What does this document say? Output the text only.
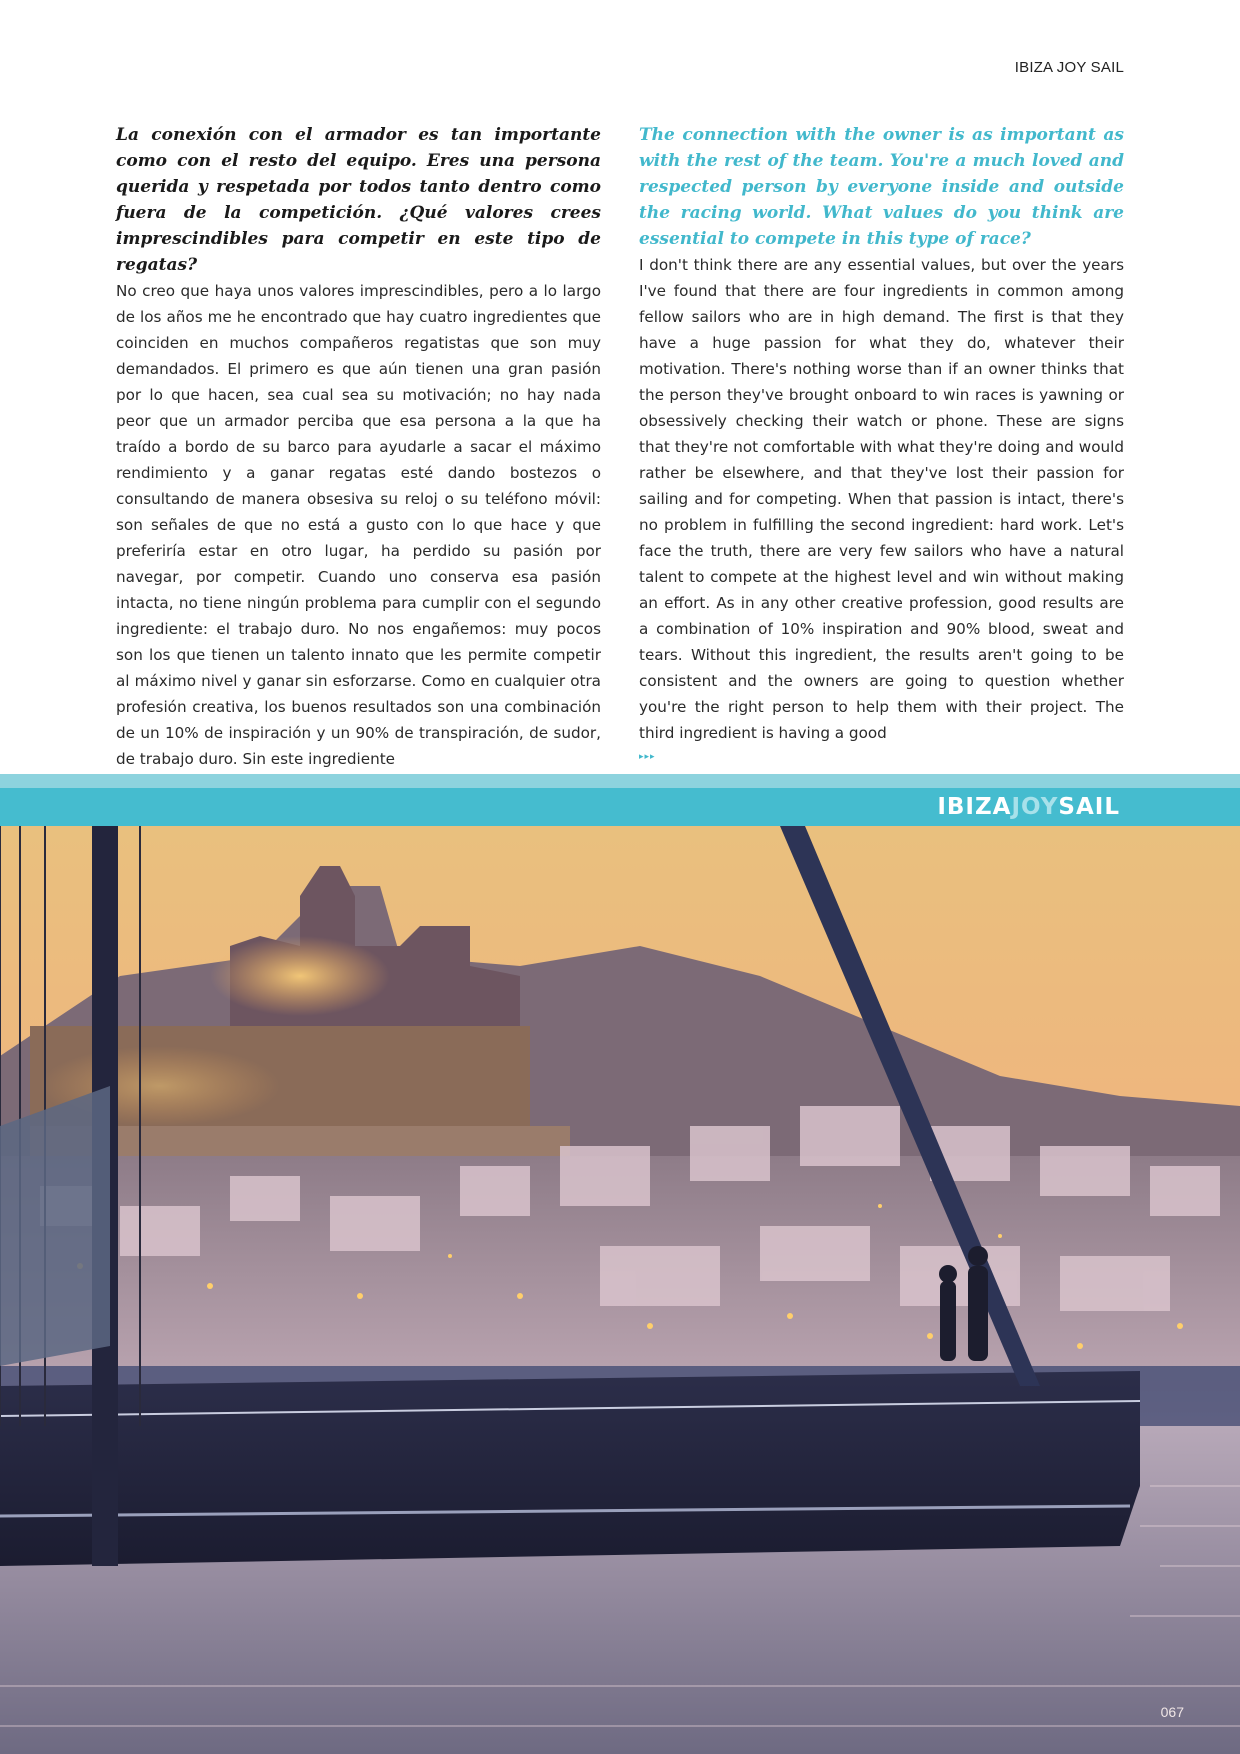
IBIZA JOY SAIL

La conexión con el armador es tan importante como con el resto del equipo. Eres una persona querida y respetada por todos tanto dentro como fuera de la competición. ¿Qué valores crees imprescindibles para competir en este tipo de regatas?

No creo que haya unos valores imprescindibles, pero a lo largo de los años me he encontrado que hay cuatro ingredientes que coinciden en muchos compañeros regatistas que son muy demandados. El primero es que aún tienen una gran pasión por lo que hacen, sea cual sea su motivación; no hay nada peor que un armador perciba que esa persona a la que ha traído a bordo de su barco para ayudarle a sacar el máximo rendimiento y a ganar regatas esté dando bostezos o consultando de manera obsesiva su reloj o su teléfono móvil: son señales de que no está a gusto con lo que hace y que preferiría estar en otro lugar, ha perdido su pasión por navegar, por competir. Cuando uno conserva esa pasión intacta, no tiene ningún problema para cumplir con el segundo ingrediente: el trabajo duro. No nos engañemos: muy pocos son los que tienen un talento innato que les permite competir al máximo nivel y ganar sin esforzarse. Como en cualquier otra profesión creativa, los buenos resultados son una combinación de un 10% de inspiración y un 90% de transpiración, de sudor, de trabajo duro. Sin este ingrediente

The connection with the owner is as important as with the rest of the team. You're a much loved and respected person by everyone inside and outside the racing world. What values do you think are essential to compete in this type of race?

I don't think there are any essential values, but over the years I've found that there are four ingredients in common among fellow sailors who are in high demand. The first is that they have a huge passion for what they do, whatever their motivation. There's nothing worse than if an owner thinks that the person they've brought onboard to win races is yawning or obsessively checking their watch or phone. These are signs that they're not comfortable with what they're doing and would rather be elsewhere, and that they've lost their passion for sailing and for competing. When that passion is intact, there's no problem in fulfilling the second ingredient: hard work. Let's face the truth, there are very few sailors who have a natural talent to compete at the highest level and win without making an effort. As in any other creative profession, good results are a combination of 10% inspiration and 90% blood, sweat and tears. Without this ingredient, the results aren't going to be consistent and the owners are going to question whether you're the right person to help them with their project. The third ingredient is having a good

▸▸▸
IBIZAJOYSAIL
067
